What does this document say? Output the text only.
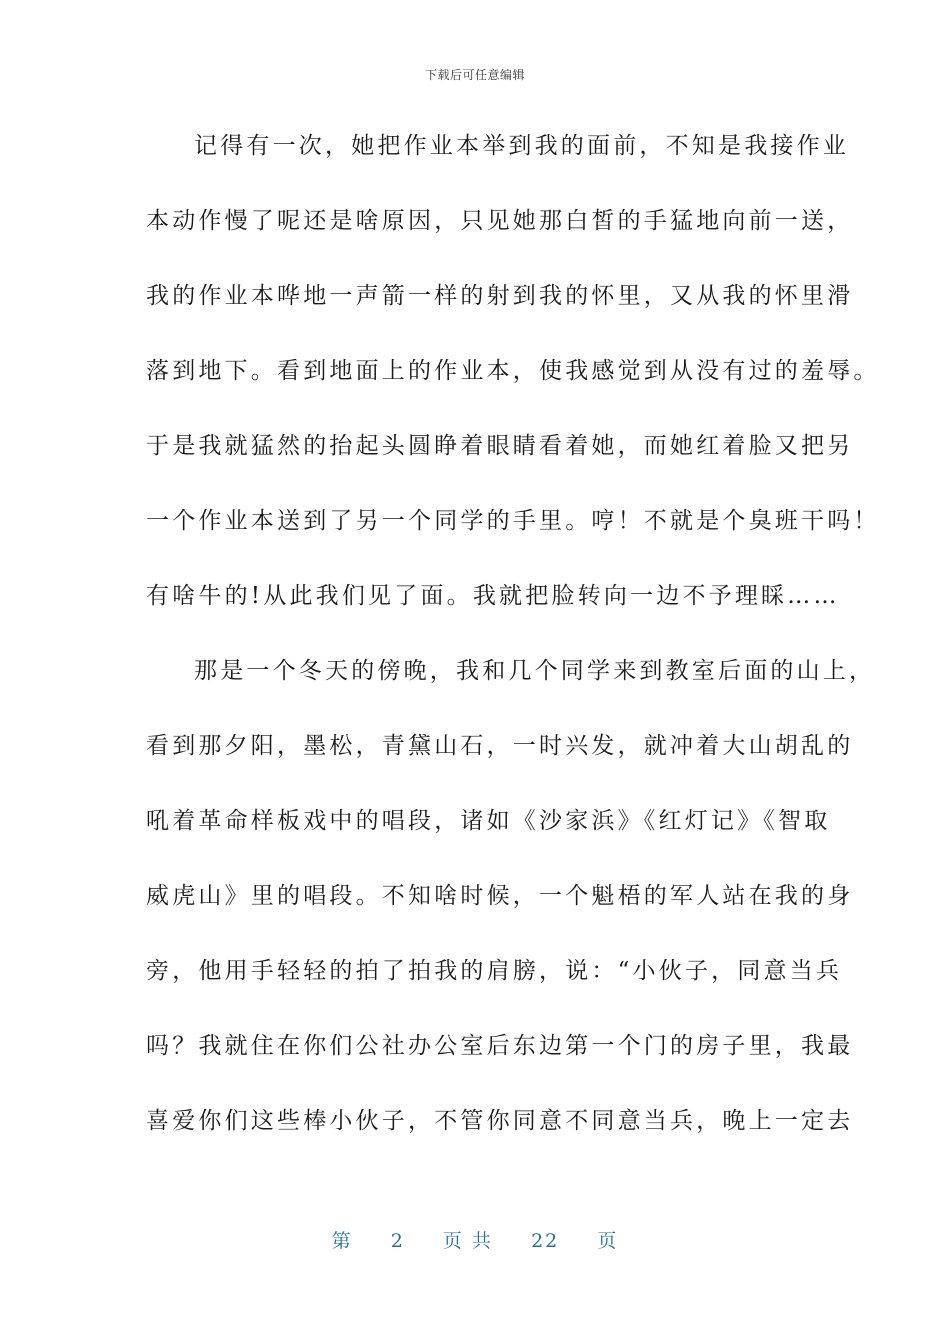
下载后可任意编辑
记得有一次，她把作业本举到我的面前，不知是我接作业
本动作慢了呢还是啥原因，只见她那白皙的手猛地向前一送，
我的作业本哗地一声箭一样的射到我的怀里，又从我的怀里滑
落到地下。看到地面上的作业本，使我感觉到从没有过的羞辱。
于是我就猛然的抬起头圆睁着眼睛看着她，而她红着脸又把另
一个作业本送到了另一个同学的手里。哼！不就是个臭班干吗！
有啥牛的!从此我们见了面。我就把脸转向一边不予理睬……
那是一个冬天的傍晚，我和几个同学来到教室后面的山上，
看到那夕阳，墨松，青黛山石，一时兴发，就冲着大山胡乱的
吼着革命样板戏中的唱段，诸如《沙家浜》《红灯记》《智取
威虎山》里的唱段。不知啥时候，一个魁梧的军人站在我的身
旁，他用手轻轻的拍了拍我的肩膀，说：“小伙子，同意当兵
吗？我就住在你们公社办公室后东边第一个门的房子里，我最
喜爱你们这些棒小伙子，不管你同意不同意当兵，晚上一定去
第 2 页 共 22 页
